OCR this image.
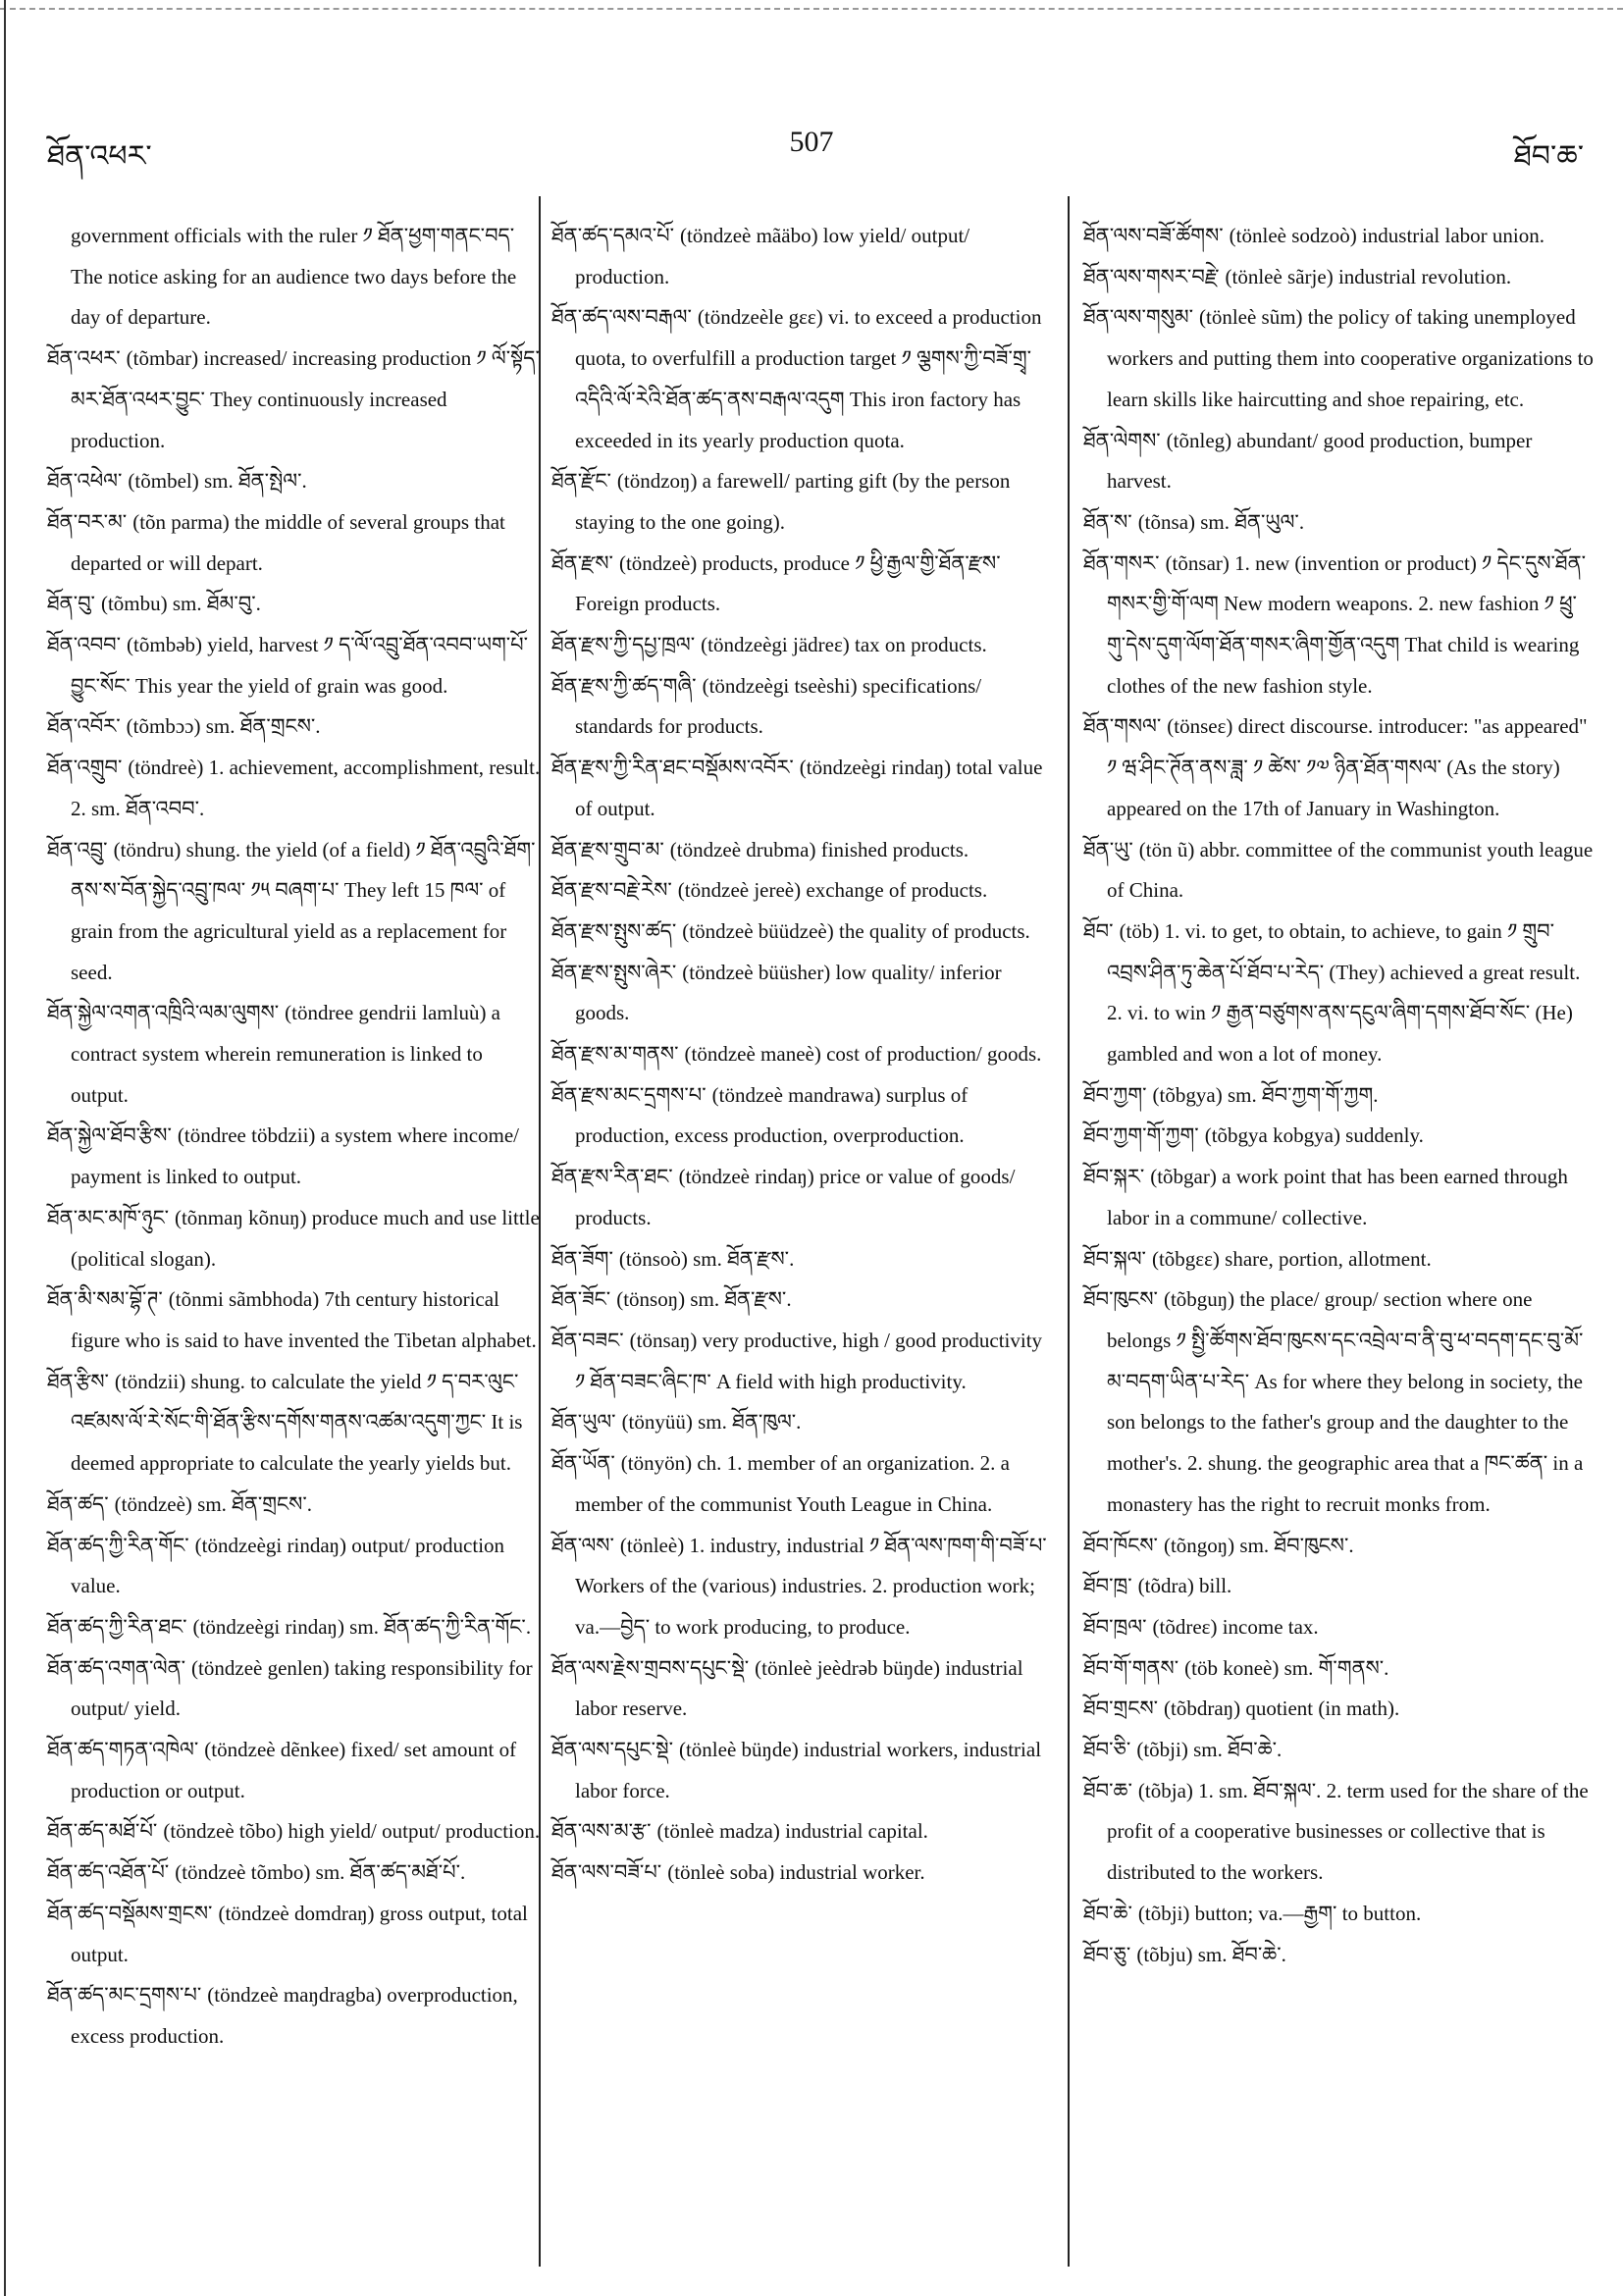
ཐོན་འཕར་	507	ཐོབ་ཆ་
government officials with the ruler ༡ ཐོན་ཕྱག་གནང་བད་ The notice asking for an audience two days before the day of departure.
ཐོན་འཕར་ (tõmbar) increased/ increasing production ༡ ལོ་སྟོད་མར་ཐོན་འཕར་བྱུང་ They continuously increased production.
ཐོན་འཕེལ་ (tõmbel) sm. ཐོན་སྤེལ་.
ཐོན་བར་མ་ (tõn parma) the middle of several groups that departed or will depart.
ཐོན་བུ་ (tõmbu) sm. ཐོམ་བུ་.
ཐོན་འབབ་ (tõmbəb) yield, harvest ༡ ད་ལོ་འབྲུ་ཐོན་འབབ་ཡག་པོ་བྱུང་སོང་ This year the yield of grain was good.
ཐོན་འབོར་ (tõmbɔɔ) sm. ཐོན་གྲངས་.
ཐོན་འགྲུབ་ (töndreè) 1. achievement, accomplishment, result. 2. sm. ཐོན་འབབ་.
ཐོན་འབྲུ་ (töndru) shung. the yield (of a field) ༡ ཐོན་འབྲུའི་ཐོག་ནས་ས་བོན་སྐྱེད་འབྲུ་ཁལ་ ༡༥ བཞག་པ་ They left 15 ཁལ་ of grain from the agricultural yield as a replacement for seed.
ཐོན་སྐྱེལ་འགན་འཁྲིའི་ལམ་ལུགས་ (töndree gendrii lamluù) a contract system wherein remuneration is linked to output.
ཐོན་སྐྱེལ་ཐོབ་རྩིས་ (töndree töbdzii) a system where income/ payment is linked to output.
ཐོན་མང་མཁོ་ཉུང་ (tõnmaŋ kõnuŋ) produce much and use little (political slogan).
ཐོན་མི་སམ་བྷོ་ཊ་ (tõnmi sãmbhoda) 7th century historical figure who is said to have invented the Tibetan alphabet.
ཐོན་རྩིས་ (töndzii) shung. to calculate the yield ༡ ད་བར་ལུང་འཛམས་ལོ་རེ་སོང་གི་ཐོན་རྩིས་དགོས་གནས་འཚམ་འདུག་ཀྱང་ It is deemed appropriate to calculate the yearly yields but.
ཐོན་ཚད་ (töndzeè) sm. ཐོན་གྲངས་.
ཐོན་ཚད་ཀྱི་རིན་གོང་ (töndzeègi rindaŋ) output/ production value.
ཐོན་ཚད་ཀྱི་རིན་ཐང་ (töndzeègi rindaŋ) sm. ཐོན་ཚད་ཀྱི་རིན་གོང་.
ཐོན་ཚད་འགན་ལེན་ (töndzeè genlen) taking responsibility for output/ yield.
ཐོན་ཚད་གཏན་འཁེལ་ (töndzeè dẽnkee) fixed/ set amount of production or output.
ཐོན་ཚད་མཐོ་པོ་ (töndzeè tõbo) high yield/ output/ production.
ཐོན་ཚད་འཐོན་པོ་ (töndzeè tõmbo) sm. ཐོན་ཚད་མཐོ་པོ་.
ཐོན་ཚད་བསྡོམས་གྲངས་ (töndzeè domdraŋ) gross output, total output.
ཐོན་ཚད་མང་དྲགས་པ་ (töndzeè maŋdragba) overproduction, excess production.
ཐོན་ཚད་དམའ་པོ་ (töndzeè mãäbo) low yield/ output/ production.
ཐོན་ཚད་ལས་བརྒལ་ (töndzeèle gεε) vi. to exceed a production quota, to overfulfill a production target ༡ ལྕགས་ཀྱི་བཟོ་གྲྭ་འདིའི་ལོ་རེའི་ཐོན་ཚད་ནས་བརྒལ་འདུག This iron factory has exceeded in its yearly production quota.
ཐོན་རྫོང་ (töndzoŋ) a farewell/ parting gift (by the person staying to the one going).
ཐོན་རྫས་ (töndzeè) products, produce ༡ ཕྱི་རྒྱལ་གྱི་ཐོན་རྫས་ Foreign products.
ཐོན་རྫས་ཀྱི་དཔྱ་ཁྲལ་ (töndzeègi jädreε) tax on products.
ཐོན་རྫས་ཀྱི་ཚད་གཞི་ (töndzeègi tseèshi) specifications/ standards for products.
ཐོན་རྫས་ཀྱི་རིན་ཐང་བསྡོམས་འབོར་ (töndzeègi rindaŋ) total value of output.
ཐོན་རྫས་གྲུབ་མ་ (töndzeè drubma) finished products.
ཐོན་རྫས་བརྗེ་རེས་ (töndzeè jereè) exchange of products.
ཐོན་རྫས་སྤུས་ཚད་ (töndzeè büüdzeè) the quality of products.
ཐོན་རྫས་སྤུས་ཞེར་ (töndzeè büüsher) low quality/ inferior goods.
ཐོན་རྫས་མ་གནས་ (töndzeè maneè) cost of production/ goods.
ཐོན་རྫས་མང་དྲགས་པ་ (töndzeè mandrawa) surplus of production, excess production, overproduction.
ཐོན་རྫས་རིན་ཐང་ (töndzeè rindaŋ) price or value of goods/ products.
ཐོན་ཟོག་ (tönsoò) sm. ཐོན་རྫས་.
ཐོན་ཟོང་ (tönsoŋ) sm. ཐོན་རྫས་.
ཐོན་བཟང་ (tönsaŋ) very productive, high / good productivity ༡ ཐོན་བཟང་ཞིང་ཁ་ A field with high productivity.
ཐོན་ཡུལ་ (tönyüü) sm. ཐོན་ཁུལ་.
ཐོན་ཡོན་ (tönyön) ch. 1. member of an organization. 2. a member of the communist Youth League in China.
ཐོན་ལས་ (tönleè) 1. industry, industrial ༡ ཐོན་ལས་ཁག་གི་བཟོ་པ་ Workers of the (various) industries. 2. production work; va.—བྱེད་ to work producing, to produce.
ཐོན་ལས་རྗེས་གྲབས་དཔུང་སྡེ་ (tönleè jeèdrəb büŋde) industrial labor reserve.
ཐོན་ལས་དཔུང་སྡེ་ (tönleè büŋde) industrial workers, industrial labor force.
ཐོན་ལས་མ་རྩ་ (tönleè madza) industrial capital.
ཐོན་ལས་བཟོ་པ་ (tönleè soba) industrial worker.
ཐོན་ལས་བཟོ་ཚོགས་ (tönleè sodzoò) industrial labor union.
ཐོན་ལས་གསར་བརྗེ་ (tönleè sãrje) industrial revolution.
ཐོན་ལས་གསུམ་ (tönleè sũm) the policy of taking unemployed workers and putting them into cooperative organizations to learn skills like haircutting and shoe repairing, etc.
ཐོན་ལེགས་ (tõnleg) abundant/ good production, bumper harvest.
ཐོན་ས་ (tõnsa) sm. ཐོན་ཡུལ་.
ཐོན་གསར་ (tõnsar) 1. new (invention or product) ༡ དེང་དུས་ཐོན་གསར་གྱི་གོ་ལག New modern weapons. 2. new fashion ༡ ཕྲུ་གུ་དེས་དུག་ལོག་ཐོན་གསར་ཞིག་གྱོན་འདུག That child is wearing clothes of the new fashion style.
ཐོན་གསལ་ (tönseε) direct discourse. introducer: "as appeared" ༡ ཝ་ཤིང་ཊོན་ནས་ཟླ་ ༡ ཚེས་ ༡༧ ཉིན་ཐོན་གསལ་ (As the story) appeared on the 17th of January in Washington.
ཐོན་ཡུ་ (tön ũ) abbr. committee of the communist youth league of China.
ཐོབ་ (töb) 1. vi. to get, to obtain, to achieve, to gain ༡ གྲུབ་འབྲས་ཤིན་ཏུ་ཆེན་པོ་ཐོབ་པ་རེད་ (They) achieved a great result. 2. vi. to win ༡ རྒྱན་བཙུགས་ནས་དངུལ་ཞིག་དགས་ཐོབ་སོང་ (He) gambled and won a lot of money.
ཐོབ་ཀྱག་ (tõbgya) sm. ཐོབ་ཀྱག་གོ་ཀྱག.
ཐོབ་ཀྱག་གོ་ཀྱག་ (tõbgya kobgya) suddenly.
ཐོབ་སྐར་ (tõbgar) a work point that has been earned through labor in a commune/ collective.
ཐོབ་སྐལ་ (tõbgεε) share, portion, allotment.
ཐོབ་ཁུངས་ (tõbguŋ) the place/ group/ section where one belongs ༡ སྤྱི་ཚོགས་ཐོབ་ཁུངས་དང་འབྲེལ་བ་ནི་བུ་ཕ་བདག་དང་བུ་མོ་མ་བདག་ཡིན་པ་རེད་ As for where they belong in society, the son belongs to the father's group and the daughter to the mother's. 2. shung. the geographic area that a ཁང་ཚན་ in a monastery has the right to recruit monks from.
ཐོབ་ཁོངས་ (tõngoŋ) sm. ཐོབ་ཁུངས་.
ཐོབ་ཁྲ་ (tõdra) bill.
ཐོབ་ཁྲལ་ (tõdreε) income tax.
ཐོབ་གོ་གནས་ (töb koneè) sm. གོ་གནས་.
ཐོབ་གྲངས་ (tõbdraŋ) quotient (in math).
ཐོབ་ཅི་ (tõbji) sm. ཐོབ་ཆེ་.
ཐོབ་ཆ་ (tõbja) 1. sm. ཐོབ་སྐལ་. 2. term used for the share of the profit of a cooperative businesses or collective that is distributed to the workers.
ཐོབ་ཆེ་ (tõbji) button; va.—རྒྱག་ to button.
ཐོབ་ཅུ་ (tõbju) sm. ཐོབ་ཆེ་.
